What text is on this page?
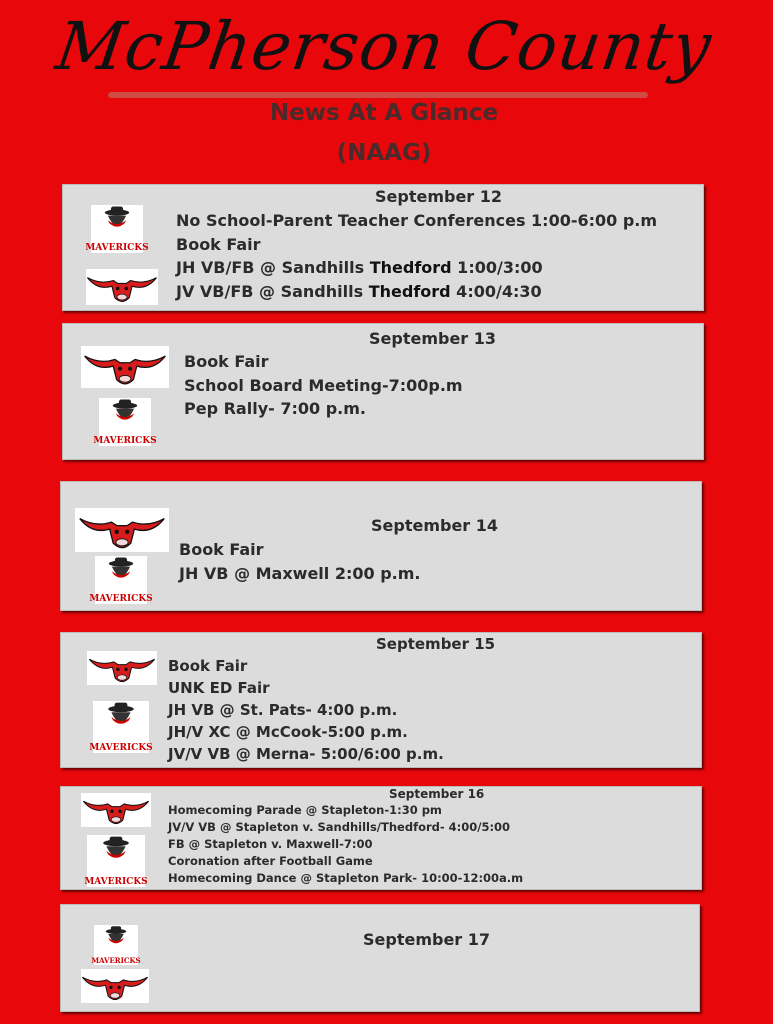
McPherson County
News At A Glance
(NAAG)
MAVERICKS
September 12
No School-Parent Teacher Conferences 1:00-6:00 p.m
Book Fair
JH VB/FB @ Sandhills Thedford 1:00/3:00
JV VB/FB @ Sandhills Thedford 4:00/4:30
MAVERICKS
September 13
Book Fair
School Board Meeting-7:00p.m
Pep Rally- 7:00 p.m.
MAVERICKS
September 14
Book Fair
JH VB @ Maxwell 2:00 p.m.
MAVERICKS
September 15
Book Fair
UNK ED Fair
JH VB @ St. Pats- 4:00 p.m.
JH/V XC @ McCook-5:00 p.m.
JV/V VB @ Merna- 5:00/6:00 p.m.
MAVERICKS
September 16
Homecoming Parade @ Stapleton-1:30 pm
JV/V VB @ Stapleton v. Sandhills/Thedford- 4:00/5:00
FB @ Stapleton v. Maxwell-7:00
Coronation after Football Game
Homecoming Dance @ Stapleton Park- 10:00-12:00a.m
MAVERICKS
September 17
